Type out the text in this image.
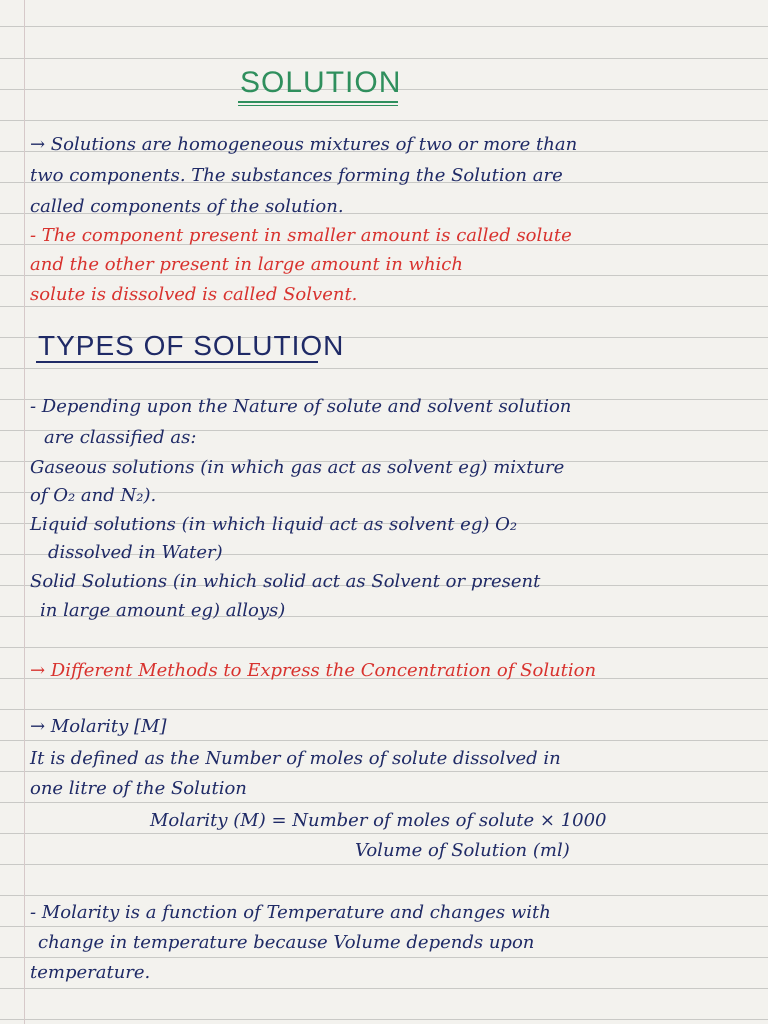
SOLUTION
→ Solutions are homogeneous mixtures of two or more than
two components. The substances forming the Solution are
called components of the solution.
- The component present in smaller amount is called solute
and the other present in large amount in which
solute is dissolved is called Solvent.
TYPES OF SOLUTION
- Depending upon the Nature of solute and solvent solution
are classified as:
Gaseous solutions (in which gas act as solvent eg) mixture
of O₂ and N₂).
Liquid solutions (in which liquid act as solvent eg) O₂
dissolved in Water)
Solid Solutions (in which solid act as Solvent or present
in large amount eg) alloys)
→ Different Methods to Express the Concentration of Solution
→ Molarity [M]
It is defined as the Number of moles of solute dissolved in
one litre of the Solution
Molarity (M) = Number of moles of solute × 1000
Volume of Solution (ml)
- Molarity is a function of Temperature and changes with
change in temperature because Volume depends upon
temperature.
